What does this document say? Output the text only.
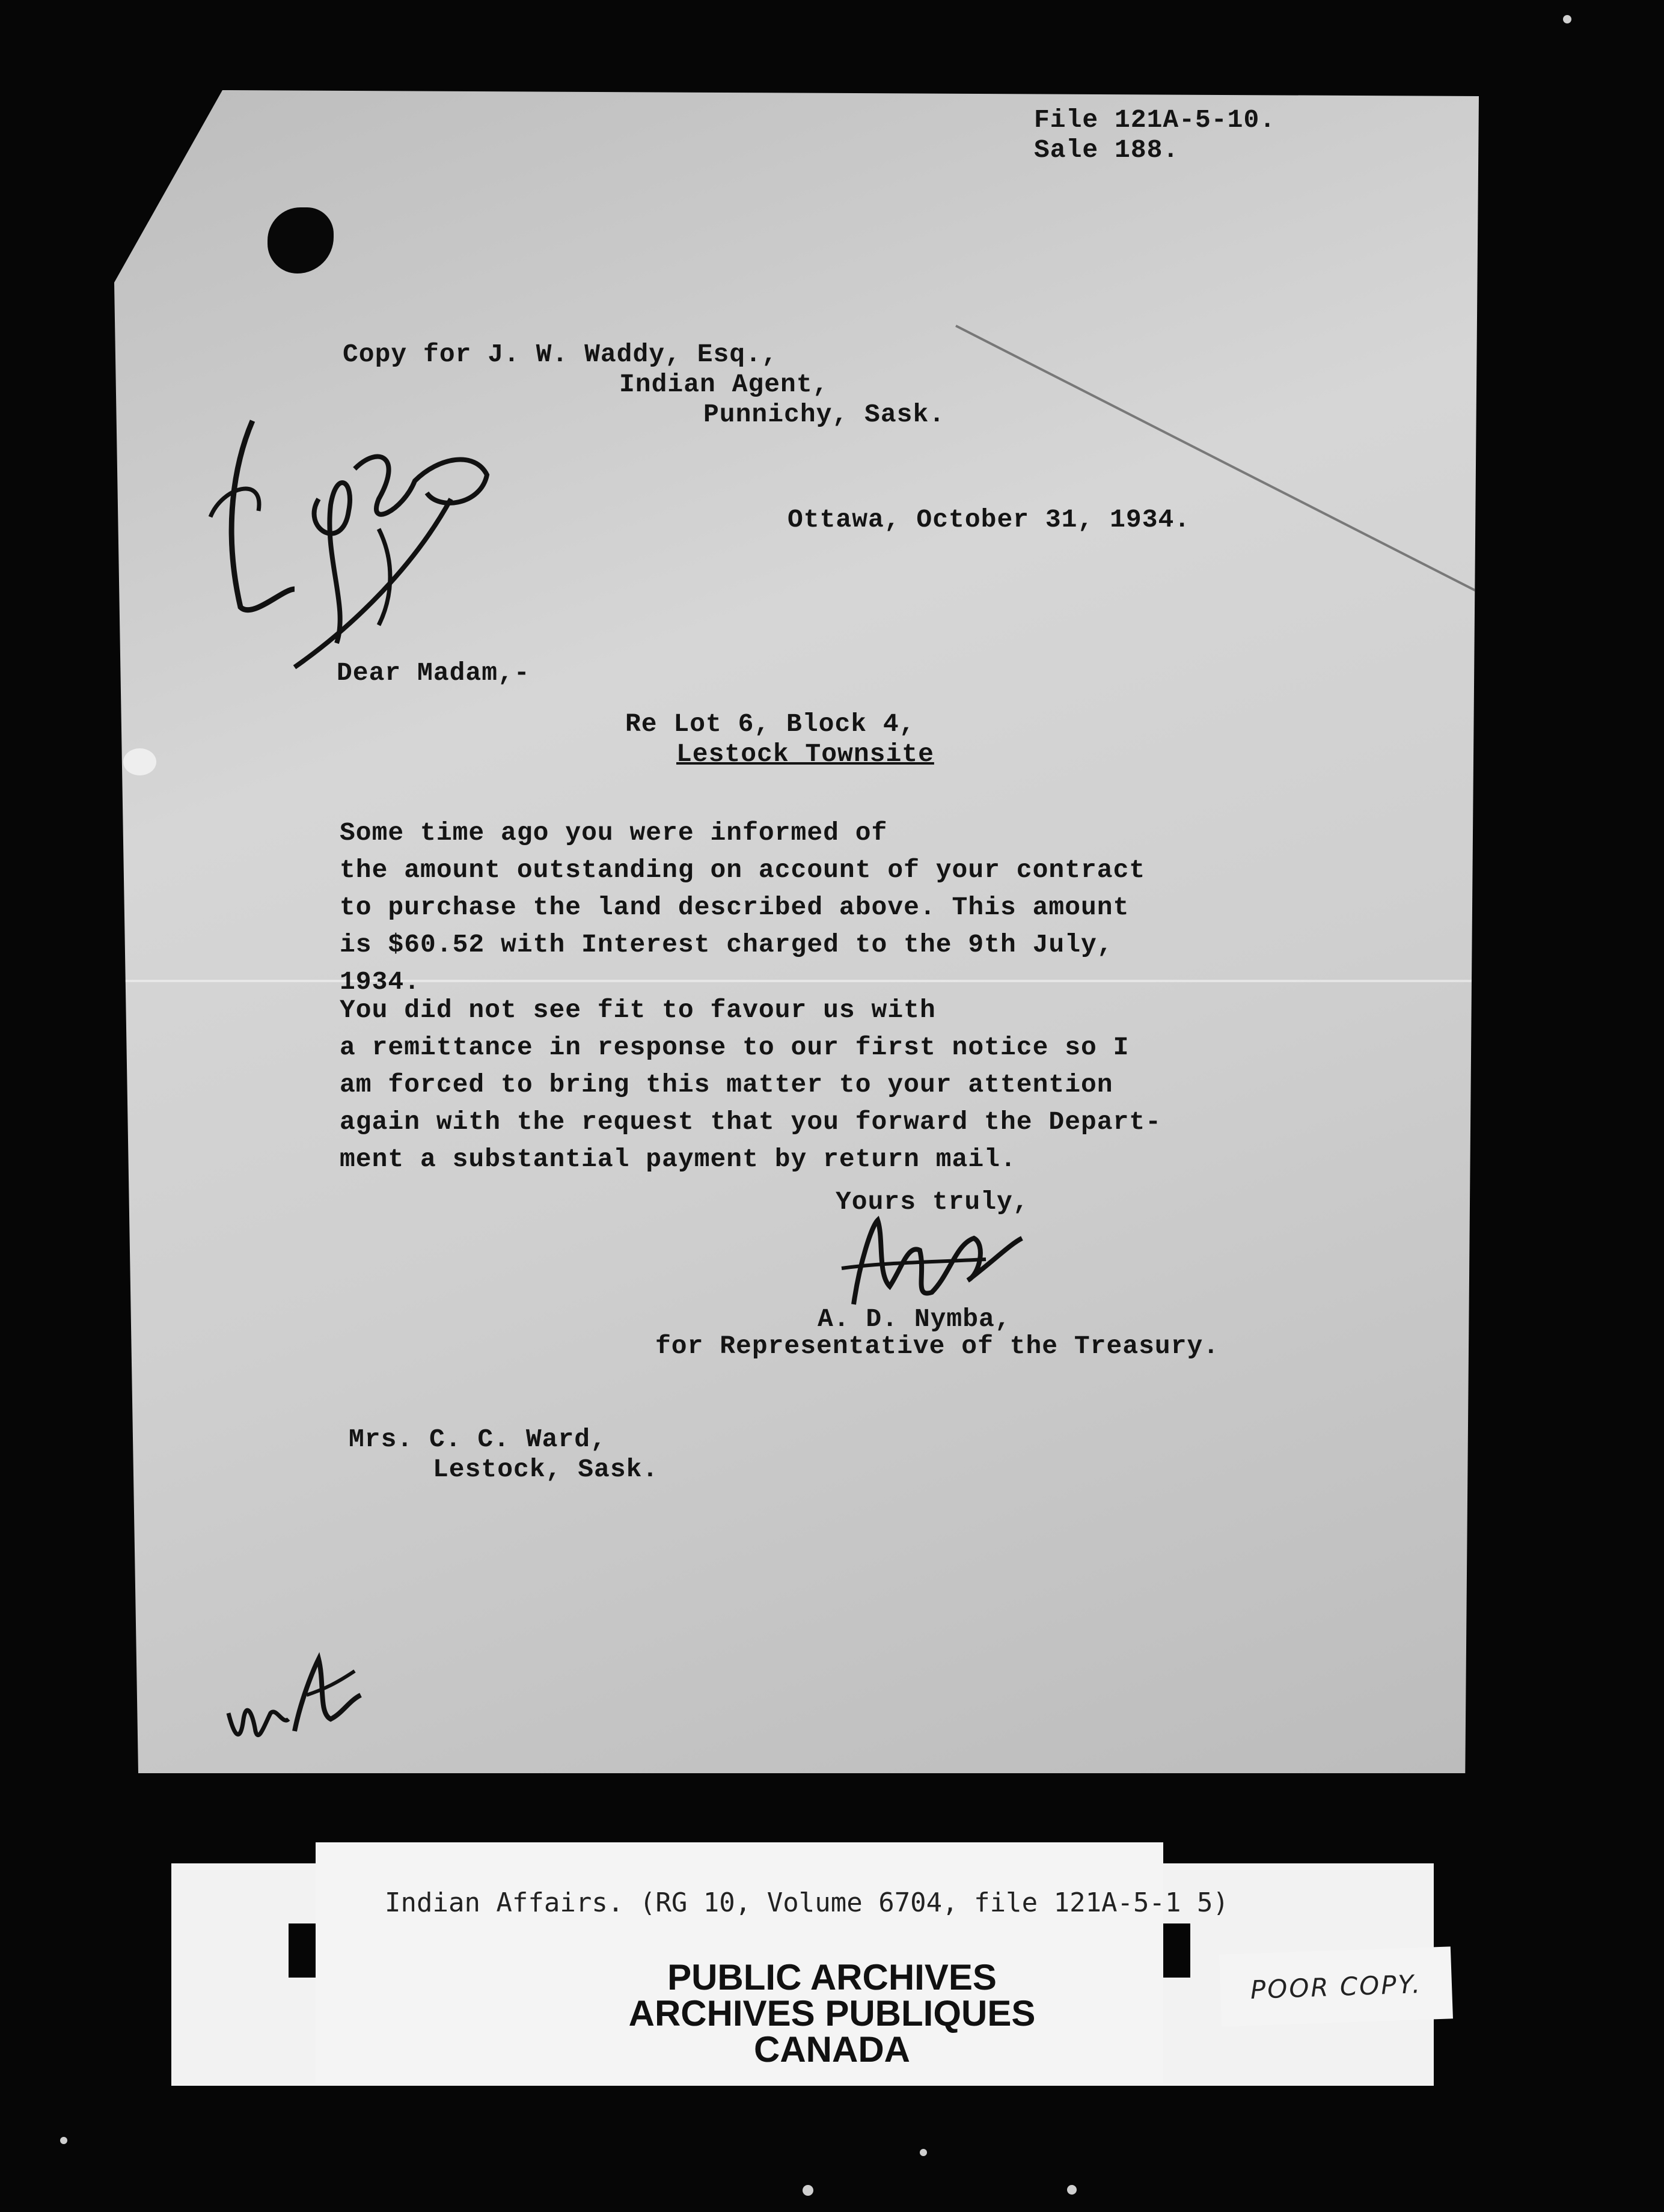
File 121A-5-10.
Sale 188.
Copy for J. W. Waddy, Esq.,
Indian Agent,
Punnichy, Sask.
Ottawa, October 31, 1934.
Dear Madam,-
Re Lot 6, Block 4,
Lestock Townsite
Some time ago you were informed of
the amount outstanding on account of your contract
to purchase the land described above. This amount
is $60.52 with Interest charged to the 9th July,
1934.
You did not see fit to favour us with
a remittance in response to our first notice so I
am forced to bring this matter to your attention
again with the request that you forward the Depart-
ment a substantial payment by return mail.
Yours truly,
A. D. Nymba,
for Representative of the Treasury.
Mrs. C. C. Ward,
Lestock, Sask.
Indian Affairs. (RG 10, Volume 6704, file 121A-5-1 5)
PUBLIC ARCHIVES
ARCHIVES PUBLIQUES
CANADA
POOR COPY.
